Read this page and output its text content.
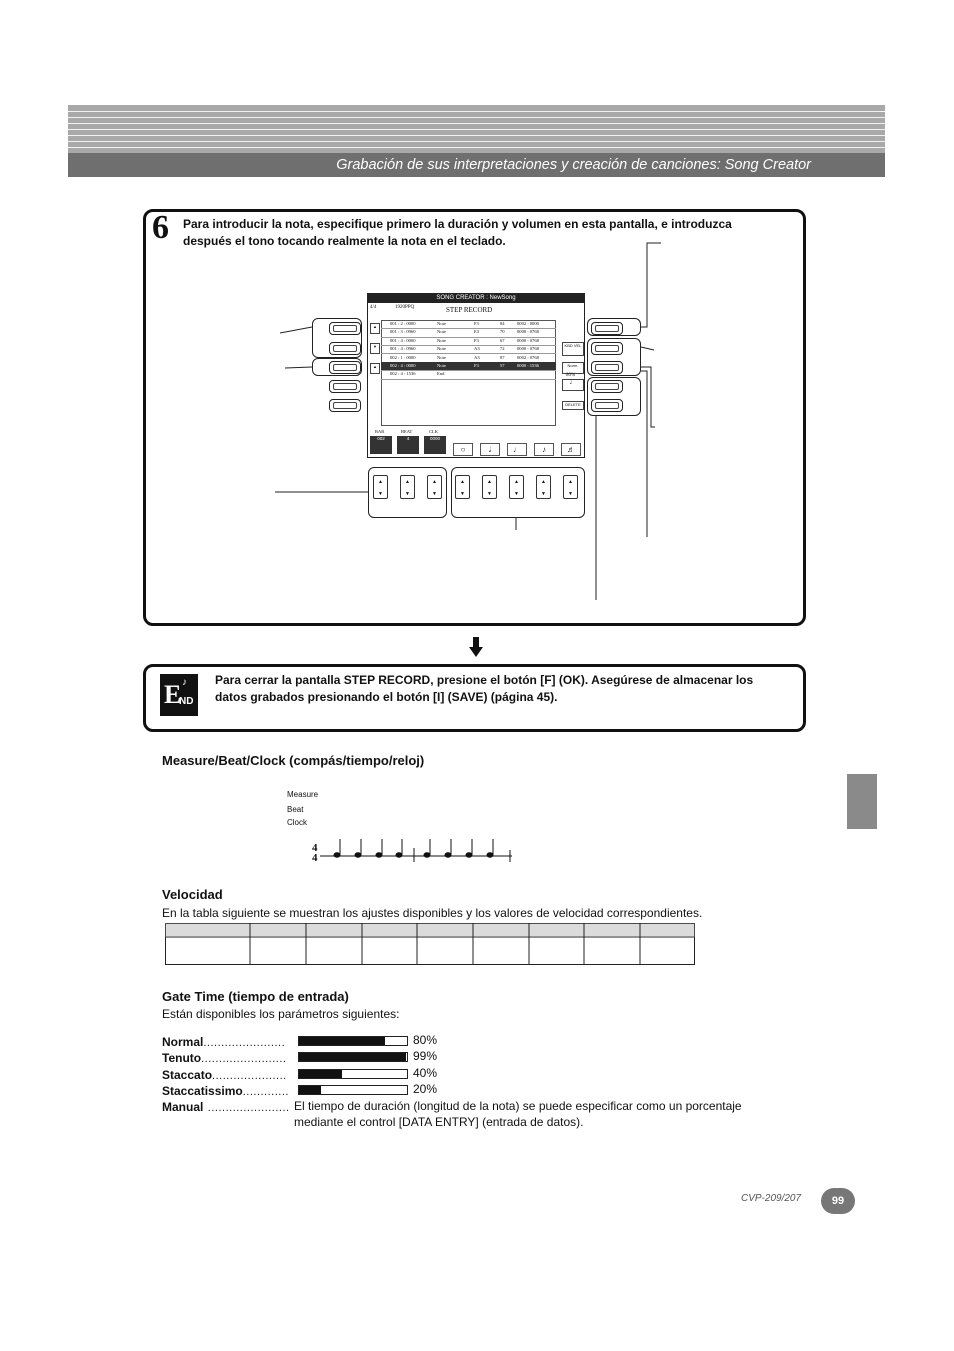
Grabación de sus interpretaciones y creación de canciones: Song Creator
6 Para introducir la nota, especifique primero la duración y volumen en esta pantalla, e introduzca
después el tono tocando realmente la nota en el teclado.
SONG CREATOR : NewSong
4/4	1920PPQ	STEP RECORD
001 : 2 : 0000	Note	F3	84	0002 : 0000
001 : 3 : 0960	Note	E3	70	0000 : 0768
001 : 4 : 0000	Note	F3	67	0000 : 0768
001 : 4 : 0960	Note	A3	72	0000 : 0768
002 : 1 : 0000	Note	A3	87	0002 : 0768
002 : 4 : 0000	Note	F3	57	0000 : 1536
002 : 4 : 1536	End
▲
▼
▲
KBD VEL
Norm.
80%
♩
DELETE
BAR	BEAT	CLK
002	4	0000
○	𝅗𝅥	♩	♪	♬
▲
▼
▲
▼
▲
▼
▲
▼
▲
▼
▲
▼
▲
▼
▲
▼
E
ND
♪ Para cerrar la pantalla STEP RECORD, presione el botón [F] (OK). Asegúrese de almacenar los
datos grabados presionando el botón [I] (SAVE) (página 45).
Measure/Beat/Clock (compás/tiempo/reloj)
Measure
Beat
Clock
4
4
Velocidad
En la tabla siguiente se muestran los ajustes disponibles y los valores de velocidad correspondientes.
Gate Time (tiempo de entrada)
Están disponibles los parámetros siguientes:
Normal.......................	80%
Tenuto........................	99%
Staccato.....................	40%
Staccatissimo.............	20%
Manual ....................... El tiempo de duración (longitud de la nota) se puede especificar como un porcentaje
mediante el control [DATA ENTRY] (entrada de datos).
CVP-209/207	99
